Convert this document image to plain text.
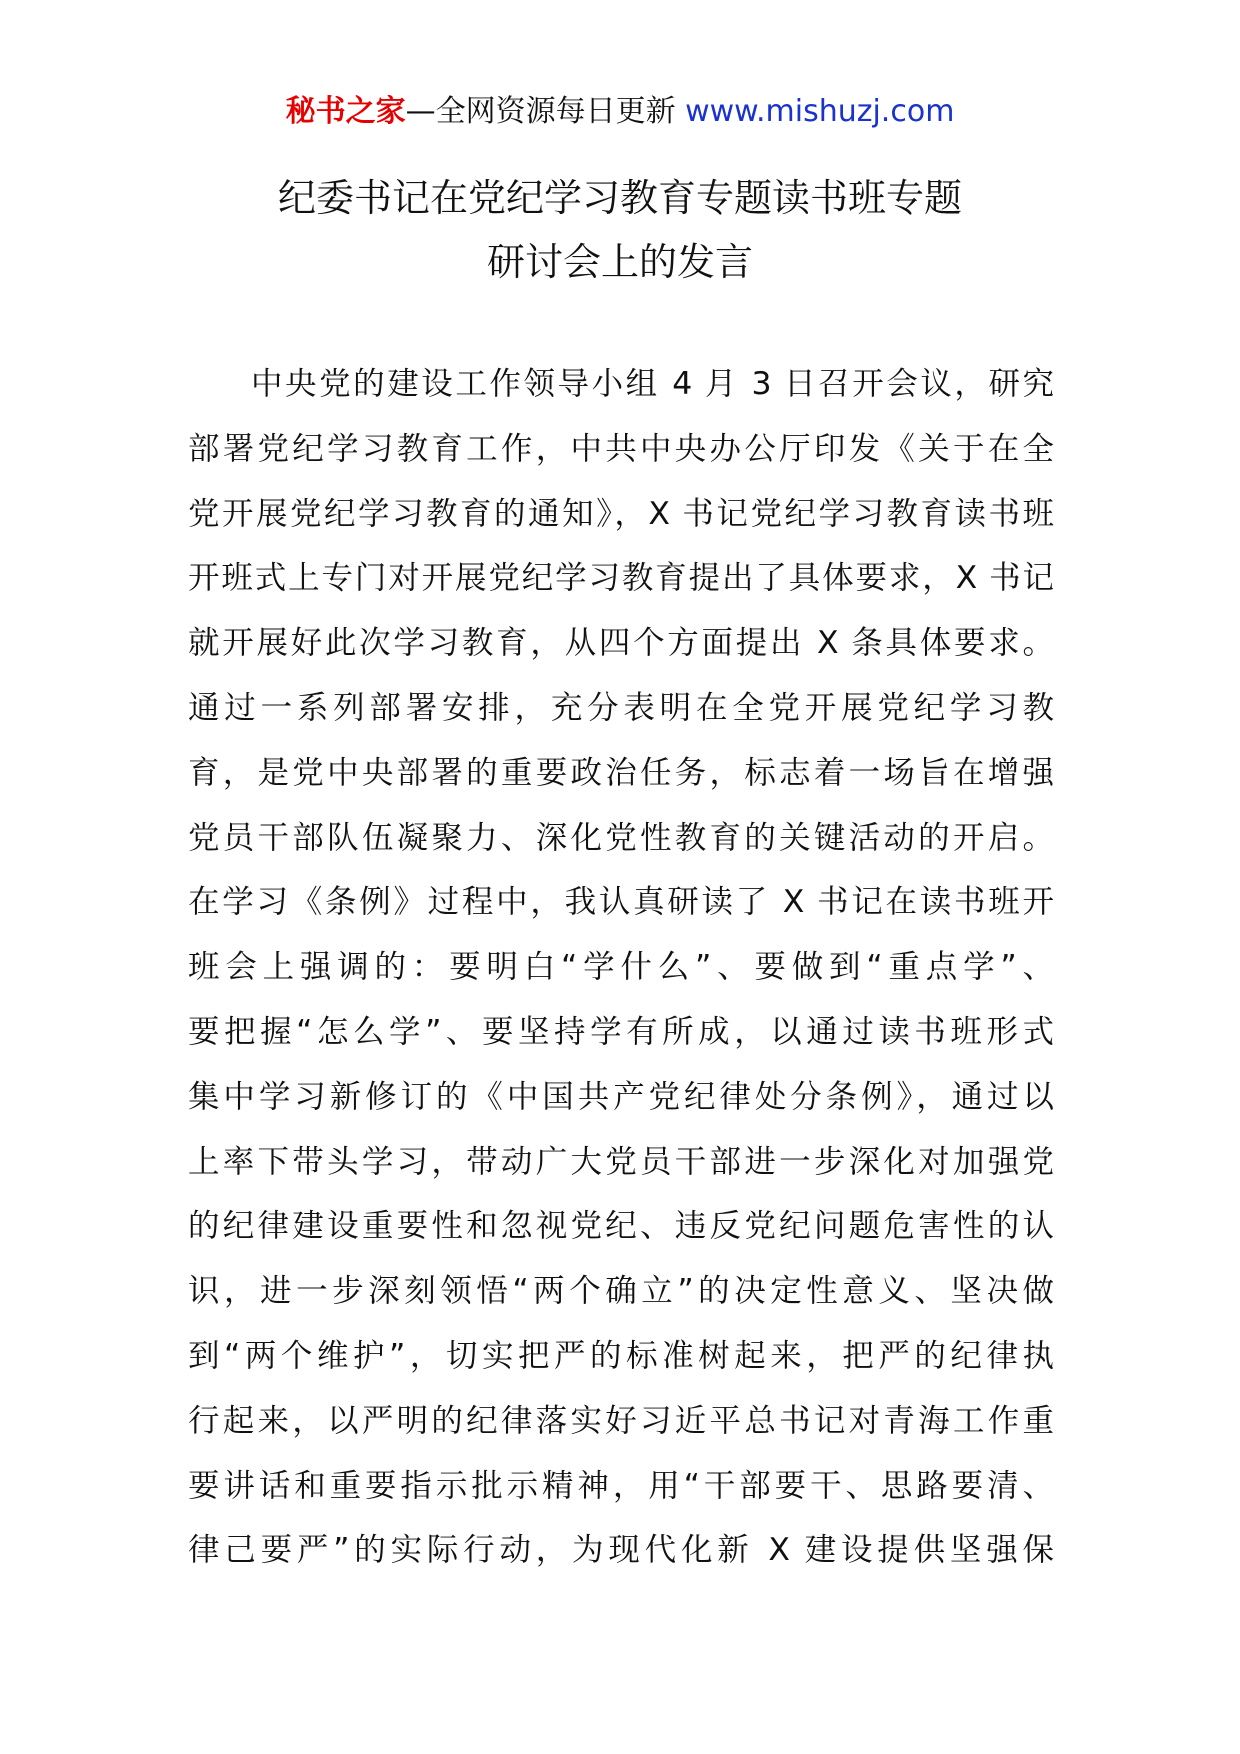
秘书之家—全网资源每日更新 www.mishuzj.com
纪委书记在党纪学习教育专题读书班专题
研讨会上的发言
中央党的建设工作领导小组 4 月 3 日召开会议，研究
部署党纪学习教育工作，中共中央办公厅印发《关于在全
党开展党纪学习教育的通知》，X 书记党纪学习教育读书班
开班式上专门对开展党纪学习教育提出了具体要求，X 书记
就开展好此次学习教育，从四个方面提出 X 条具体要求。
通过一系列部署安排，充分表明在全党开展党纪学习教
育，是党中央部署的重要政治任务，标志着一场旨在增强
党员干部队伍凝聚力、深化党性教育的关键活动的开启。
在学习《条例》过程中，我认真研读了 X 书记在读书班开
班会上强调的：要明白“学什么”、要做到“重点学”、
要把握“怎么学”、要坚持学有所成，以通过读书班形式
集中学习新修订的《中国共产党纪律处分条例》，通过以
上率下带头学习，带动广大党员干部进一步深化对加强党
的纪律建设重要性和忽视党纪、违反党纪问题危害性的认
识，进一步深刻领悟“两个确立”的决定性意义、坚决做
到“两个维护”，切实把严的标准树起来，把严的纪律执
行起来，以严明的纪律落实好习近平总书记对青海工作重
要讲话和重要指示批示精神，用“干部要干、思路要清、
律己要严”的实际行动，为现代化新 X 建设提供坚强保
